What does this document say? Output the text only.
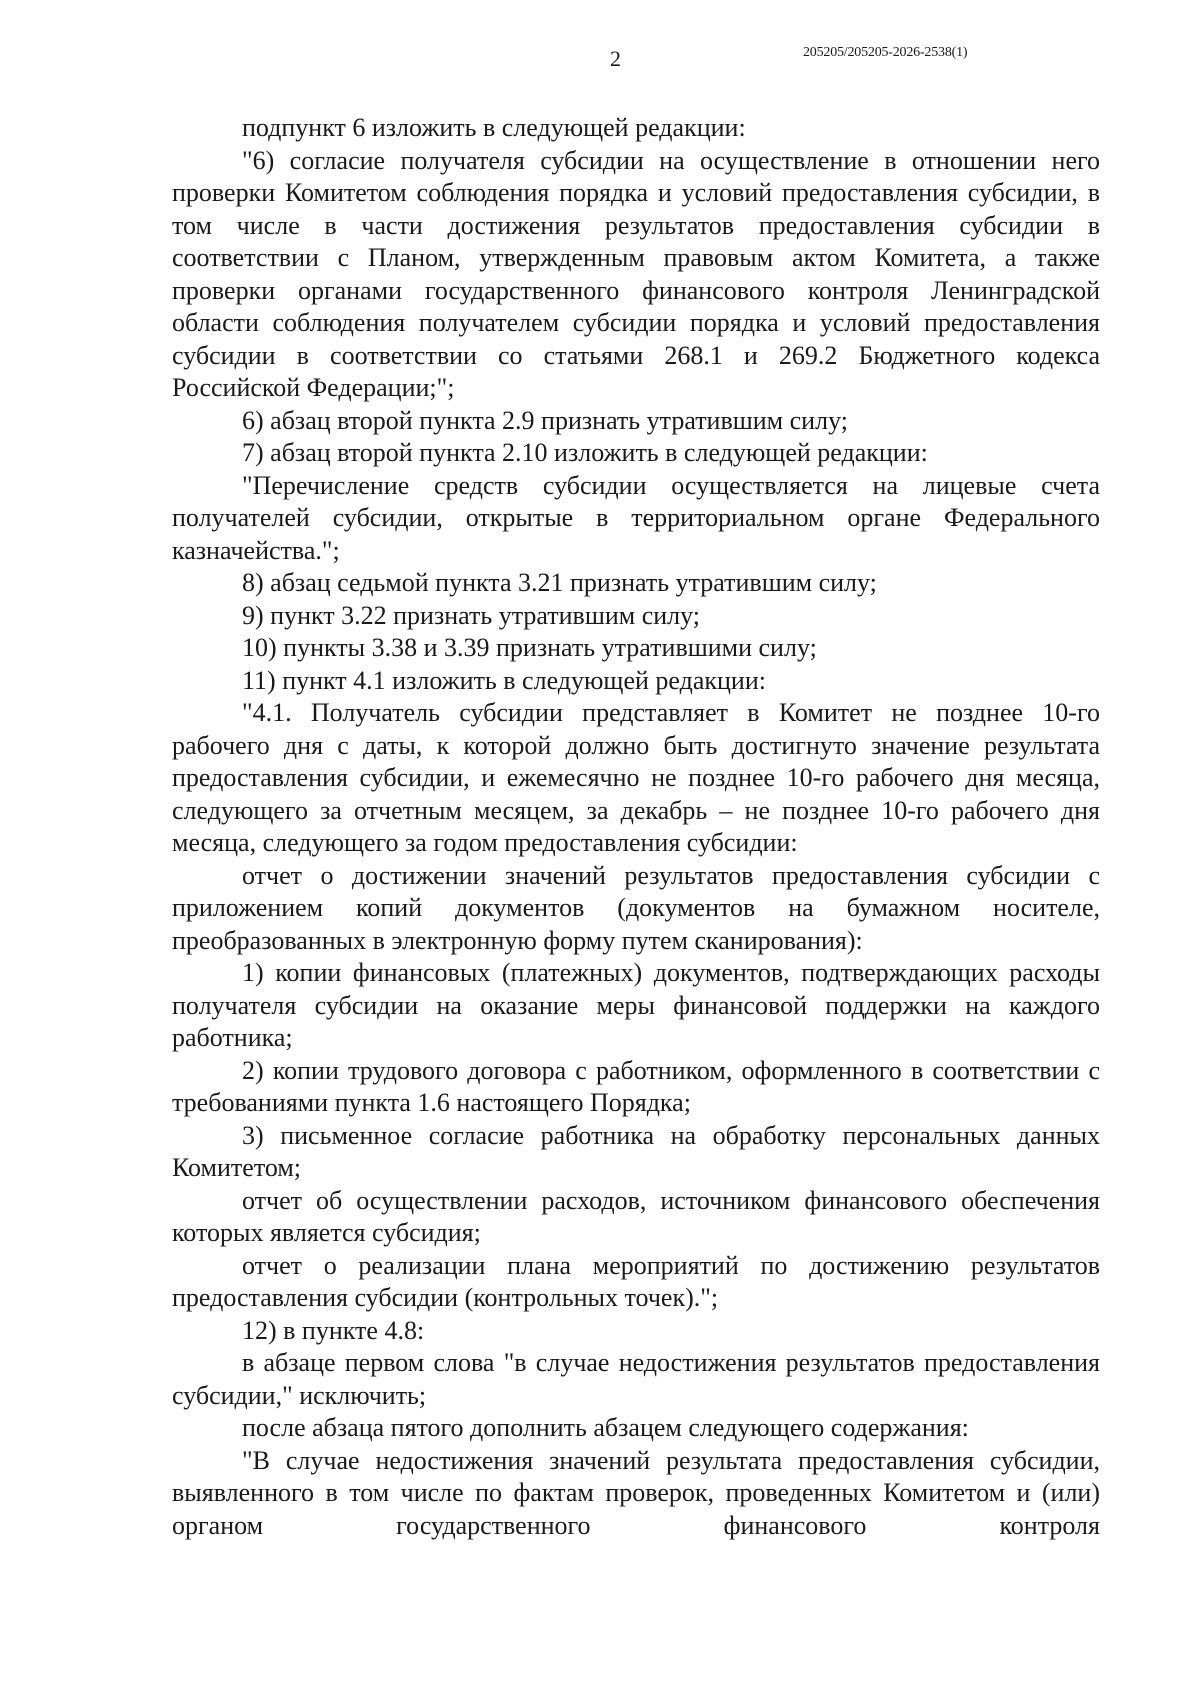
2	205205/205205-2026-2538(1)

подпункт 6 изложить в следующей редакции:

"6) согласие получателя субсидии на осуществление в отношении него проверки Комитетом соблюдения порядка и условий предоставления субсидии, в том числе в части достижения результатов предоставления субсидии в соответствии с Планом, утвержденным правовым актом Комитета, а также проверки органами государственного финансового контроля Ленинградской области соблюдения получателем субсидии порядка и условий предоставления субсидии в соответствии со статьями 268.1 и 269.2 Бюджетного кодекса Российской Федерации;";

6) абзац второй пункта 2.9 признать утратившим силу;

7) абзац второй пункта 2.10 изложить в следующей редакции:

"Перечисление средств субсидии осуществляется на лицевые счета получателей субсидии, открытые в территориальном органе Федерального казначейства.";

8) абзац седьмой пункта 3.21 признать утратившим силу;

9) пункт 3.22 признать утратившим силу;

10) пункты 3.38 и 3.39 признать утратившими силу;

11) пункт 4.1 изложить в следующей редакции:

"4.1. Получатель субсидии представляет в Комитет не позднее 10-го рабочего дня с даты, к которой должно быть достигнуто значение результата предоставления субсидии, и ежемесячно не позднее 10-го рабочего дня месяца, следующего за отчетным месяцем, за декабрь – не позднее 10-го рабочего дня месяца, следующего за годом предоставления субсидии:

отчет о достижении значений результатов предоставления субсидии с приложением копий документов (документов на бумажном носителе, преобразованных в электронную форму путем сканирования):

1) копии финансовых (платежных) документов, подтверждающих расходы получателя субсидии на оказание меры финансовой поддержки на каждого работника;

2) копии трудового договора с работником, оформленного в соответствии с требованиями пункта 1.6 настоящего Порядка;

3) письменное согласие работника на обработку персональных данных Комитетом;

отчет об осуществлении расходов, источником финансового обеспечения которых является субсидия;

отчет о реализации плана мероприятий по достижению результатов предоставления субсидии (контрольных точек).";

12) в пункте 4.8:

в абзаце первом слова "в случае недостижения результатов предоставления субсидии," исключить;

после абзаца пятого дополнить абзацем следующего содержания:

"В случае недостижения значений результата предоставления субсидии, выявленного в том числе по фактам проверок, проведенных Комитетом и (или) органом государственного финансового контроля
